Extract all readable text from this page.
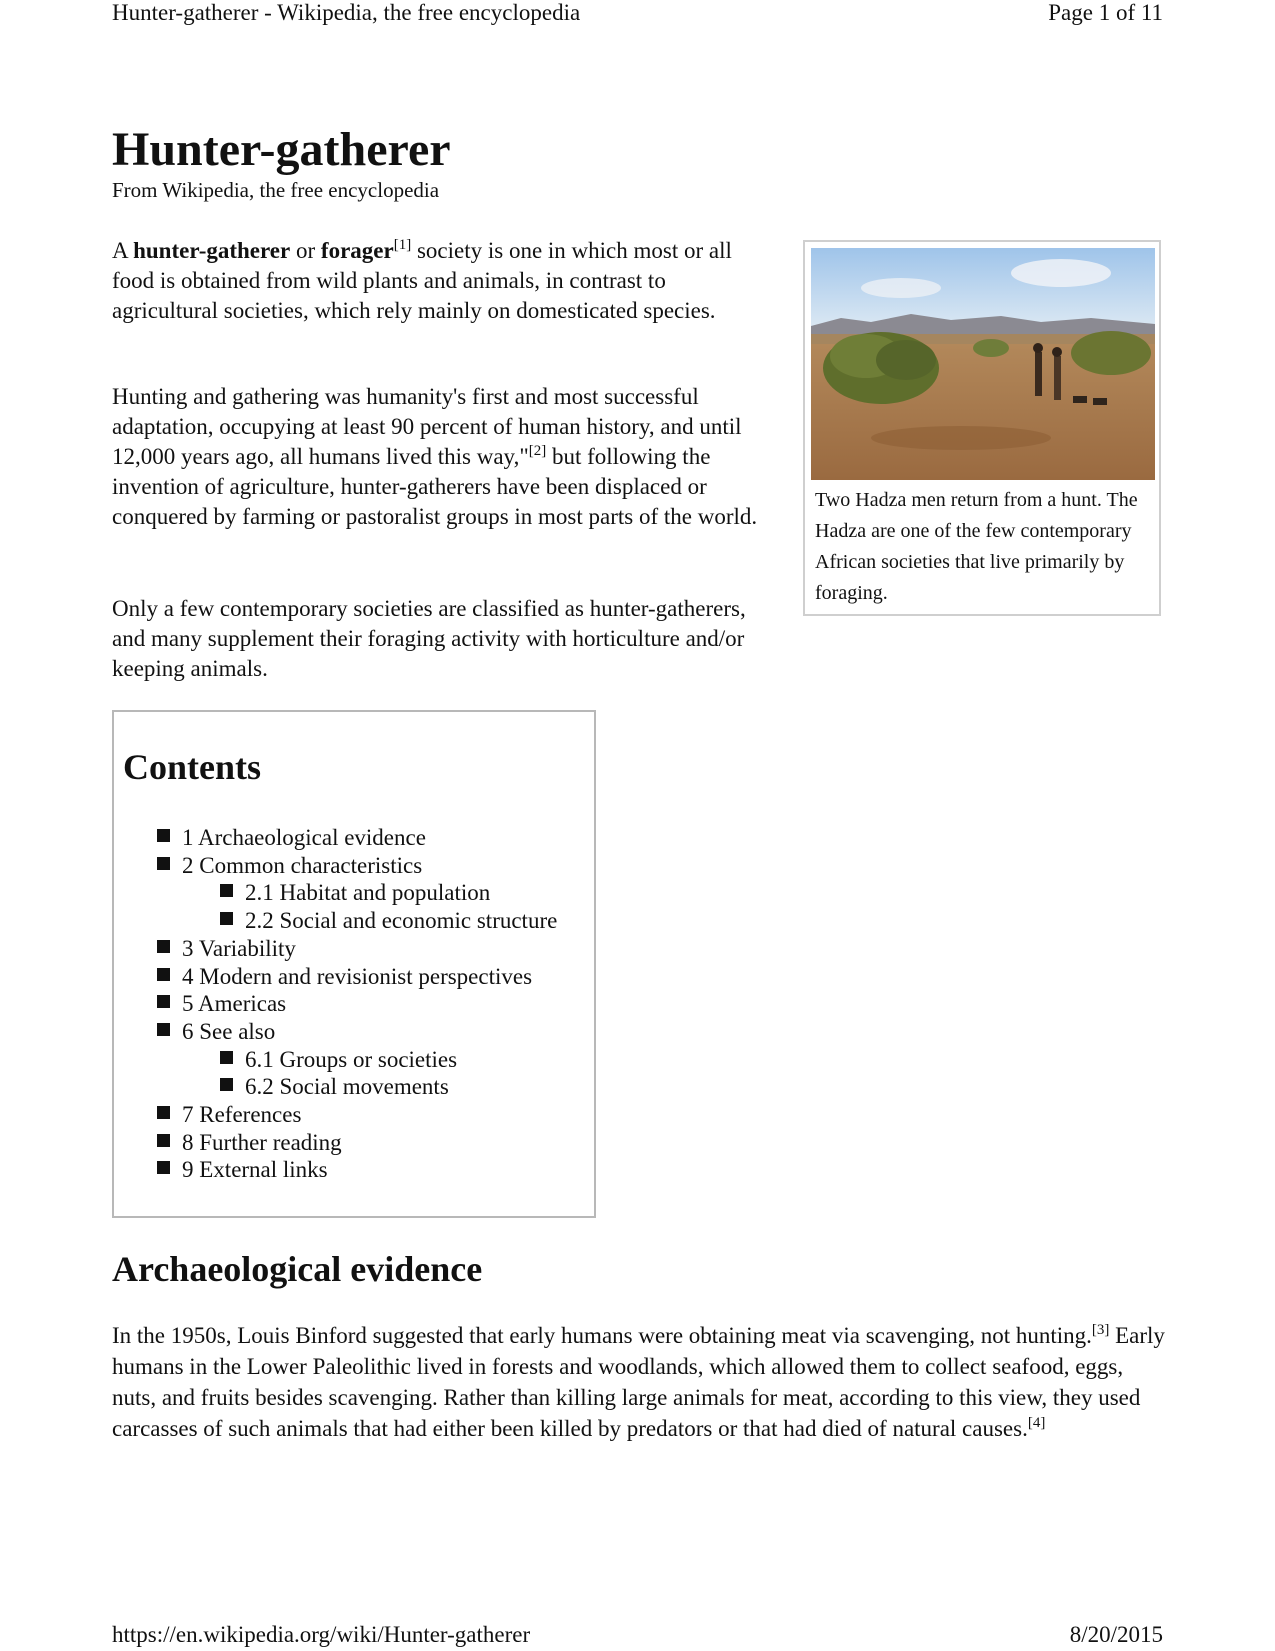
Hunter-gatherer - Wikipedia, the free encyclopedia	Page 1 of 11
Hunter-gatherer
From Wikipedia, the free encyclopedia

A hunter-gatherer or forager[1] society is one in which most or all food is obtained from wild plants and animals, in contrast to agricultural societies, which rely mainly on domesticated species.

Hunting and gathering was humanity's first and most successful adaptation, occupying at least 90 percent of human history, and until 12,000 years ago, all humans lived this way,"[2] but following the invention of agriculture, hunter-gatherers have been displaced or conquered by farming or pastoralist groups in most parts of the world.

Only a few contemporary societies are classified as hunter-gatherers, and many supplement their foraging activity with horticulture and/or keeping animals.

Two Hadza men return from a hunt. The Hadza are one of the few contemporary African societies that live primarily by foraging.
Contents
1 Archaeological evidence
2 Common characteristics
2.1 Habitat and population
2.2 Social and economic structure
3 Variability
4 Modern and revisionist perspectives
5 Americas
6 See also
6.1 Groups or societies
6.2 Social movements
7 References
8 Further reading
9 External links
Archaeological evidence

In the 1950s, Louis Binford suggested that early humans were obtaining meat via scavenging, not hunting.[3] Early humans in the Lower Paleolithic lived in forests and woodlands, which allowed them to collect seafood, eggs, nuts, and fruits besides scavenging. Rather than killing large animals for meat, according to this view, they used carcasses of such animals that had either been killed by predators or that had died of natural causes.[4]

https://en.wikipedia.org/wiki/Hunter-gatherer	8/20/2015
